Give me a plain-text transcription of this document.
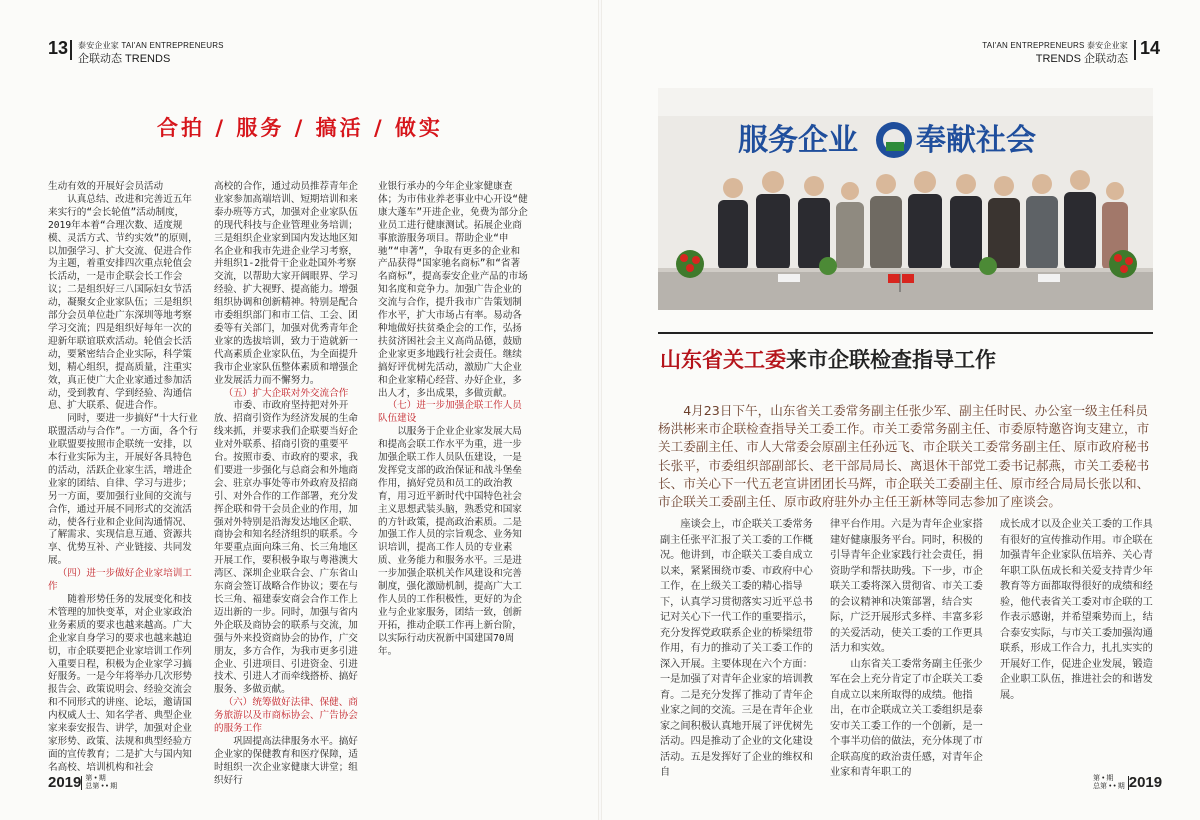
13 泰安企业家 TAI'AN ENTREPRENEURS
企联动态 TRENDS
14
TAI'AN ENTREPRENEURS 泰安企业家
TRENDS 企联动态
合拍 / 服务 / 搞活 / 做实

生动有效的开展好会员活动

认真总结、改进和完善近五年来实行的“会长轮值”活动制度，2019年本着“合理次数、适度规模、灵活方式、节约实效”的原则，以加强学习、扩大交流、促进合作为主题，着重安排四次重点轮值会长活动，一是市企联会长工作会议；二是组织好三八国际妇女节活动，凝聚女企业家队伍；三是组织部分会员单位赴广东深圳等地考察学习交流；四是组织好每年一次的迎新年联谊联欢活动。轮值会长活动，要紧密结合企业实际，科学策划，精心组织，提高质量，注重实效，真正使广大企业家通过参加活动，受到教育、学到经验、沟通信息、扩大联系、促进合作。

同时，要进一步搞好“十大行业联盟活动与合作”。一方面，各个行业联盟要按照市企联统一安排，以本行业实际为主，开展好各具特色的活动，活跃企业家生活，增进企业家的团结、自律、学习与进步；另一方面，要加强行业间的交流与合作，通过开展不同形式的交流活动，使各行业和企业间沟通情况、了解需求、实现信息互通、资源共享、优势互补、产业链接、共同发展。

（四）进一步做好企业家培训工作

随着形势任务的发展变化和技术管理的加快变革，对企业家政治业务素质的要求也越来越高。广大企业家自身学习的要求也越来越迫切，市企联要把企业家培训工作列入重要日程，积极为企业家学习搞好服务。一是今年将举办几次形势报告会、政策说明会、经验交流会和不同形式的讲座、论坛，邀请国内权威人士、知名学者、典型企业家来泰安报告、讲学，加强对企业家形势、政策、法规和典型经验方面的宣传教育；二是扩大与国内知名高校、培训机构和社会

高校的合作，通过动员推荐青年企业家参加高端培训、短期培训和来泰办班等方式，加强对企业家队伍的现代科技与企业管理业务培训；三是组织企业家到国内发达地区知名企业和我市先进企业学习考察，并组织1-2批骨干企业赴国外考察交流，以帮助大家开阔眼界、学习经验、扩大视野、提高能力。增强组织协调和创新精神。特别是配合市委组织部门和市工信、工会、团委等有关部门，加强对优秀青年企业家的选拔培训，致力于造就新一代高素质企业家队伍，为全面提升我市企业家队伍整体素质和增强企业发展活力而不懈努力。

（五）扩大企联对外交流合作

市委、市政府坚持把对外开放、招商引资作为经济发展的生命线来抓，并要求我们企联要当好企业对外联系、招商引资的重要平台。按照市委、市政府的要求，我们要进一步强化与总商会和外地商会、驻京办事处等市外政府及招商引、对外合作的工作部署，充分发挥企联和骨干会员企业的作用，加强对外特别是沿海发达地区企联、商协会和知名经济组织的联系。今年要重点面向珠三角、长三角地区开展工作，要积极争取与粤港澳大湾区、深圳企业联合会、广东省山东商会签订战略合作协议；要在与长三角、福建泰安商会合作工作上迈出新的一步。同时，加强与省内外企联及商协会的联系与交流，加强与外来投资商协会的协作，广交朋友，多方合作，为我市更多引进企业、引进项目、引进资金、引进技术、引进人才而牵线搭桥、搞好服务、多做贡献。

（六）统筹做好法律、保健、商务旅游以及市商标协会、广告协会的服务工作

巩固提高法律服务水平。搞好企业家的保健教育和医疗保障，适时组织一次企业家健康大讲堂；组织好行

业银行承办的今年企业家健康查体；为市伟业养老事业中心开设“健康大蓬车”开进企业，免费为部分企业员工进行健康测试。拓展企业商事旅游服务项目。帮助企业“申驰”“申著”，争取有更多的企业和产品获得“国家驰名商标”和“省著名商标”，提高泰安企业产品的市场知名度和竞争力。加强广告企业的交流与合作，提升我市广告策划制作水平，扩大市场占有率。易动各种地做好扶贫桑企会的工作，弘扬扶贫济困社会主义高尚品德，鼓励企业家更多地践行社会责任。继续搞好评优树先活动，激励广大企业和企业家精心经营、办好企业，多出人才，多出成果，多做贡献。

（七）进一步加强企联工作人员队伍建设

以服务于企业企业家发展大局和提高会联工作水平为重，进一步加强企联工作人员队伍建设，一是发挥党支部的政治保证和战斗堡垒作用，搞好党员和员工的政治教育，用习近平新时代中国特色社会主义思想武装头脑，熟悉党和国家的方针政策，提高政治素质。二是加强工作人员的宗旨观念、业务知识培训，提高工作人员的专业素质、业务能力和服务水平。三是进一步加强企联机关作风建设和完善制度，强化激励机制，提高广大工作人员的工作积极性，更好的为企业与企业家服务，团结一致，创新开拓，推动企联工作再上新台阶，以实际行动庆祝新中国建国70周年。

服务企业 奉献社会
山东省关工委来市企联检查指导工作

4月23日下午，山东省关工委常务副主任张少军、副主任时民、办公室一级主任科员杨洪彬来市企联检查指导关工委工作。市关工委常务副主任、市委原特邀咨询支建立，市关工委副主任、市人大常委会原副主任孙远飞、市企联关工委常务副主任、原市政府秘书长张平，市委组织部副部长、老干部局局长、离退休干部党工委书记郝燕，市关工委秘书长、市关心下一代五老宣讲团团长马辉，市企联关工委副主任、原市经合局局长张以和、市企联关工委副主任、原市政府驻外办主任王新林等同志参加了座谈会。

座谈会上，市企联关工委常务副主任张平汇报了关工委的工作概况。他讲到，市企联关工委自成立以来，紧紧围绕市委、市政府中心工作，在上级关工委的精心指导下，认真学习贯彻落实习近平总书记对关心下一代工作的重要指示，充分发挥党政联系企业的桥梁纽带作用，有力的推动了关工委工作的深入开展。主要体现在六个方面：一是加强了对青年企业家的培训教育。二是充分发挥了推动了青年企业家之间的交流。三是在青年企业家之间积极认真地开展了评优树先活动。四是推动了企业的文化建设活动。五是发挥好了企业的维权和自

律平台作用。六是为青年企业家搭建好健康服务平台。同时，积极的引导青年企业家践行社会责任，捐资助学和帮扶助残。下一步，市企联关工委将深入贯彻省、市关工委的会议精神和决策部署，结合实际，广泛开展形式多样、丰富多彩的关爱活动，使关工委的工作更具活力和实效。

山东省关工委常务副主任张少军在会上充分肯定了市企联关工委自成立以来所取得的成绩。他指出，在市企联成立关工委组织是泰安市关工委工作的一个创新，是一个事半功倍的做法，充分体现了市企联高度的政治责任感，对青年企业家和青年职工的

成长成才以及企业关工委的工作具有很好的宣传推动作用。市企联在加强青年企业家队伍培养、关心青年职工队伍成长和关爱支持青少年教育等方面都取得很好的成绩和经验，他代表省关工委对市企联的工作表示感谢，并希望乘势而上，结合泰安实际，与市关工委加强沟通联系，形成工作合力，扎扎实实的开展好工作，促进企业发展，锻造企业职工队伍，推进社会的和谐发展。

2019 第 • 期
总第 • • 期
第 • 期
总第 • • 期 2019
